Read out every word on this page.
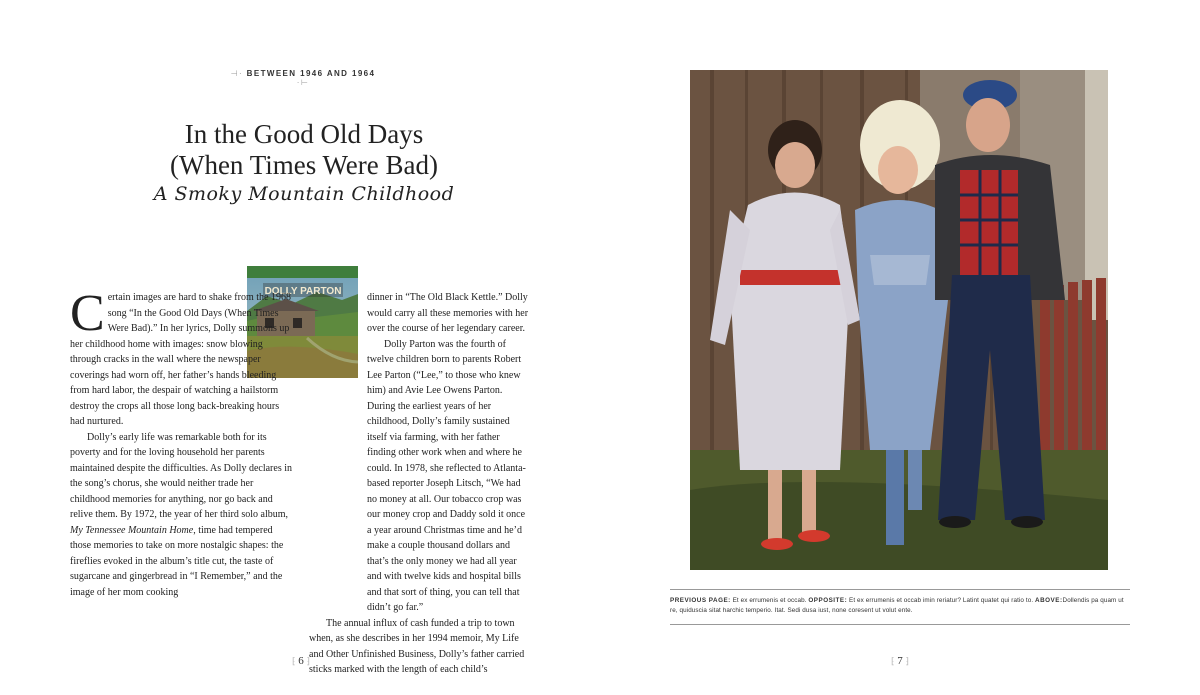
⊣· BETWEEN 1946 AND 1964 ·⊢
In the Good Old Days
(When Times Were Bad)
A Smoky Mountain Childhood
DOLLY PARTON

Certain images are hard to shake from the 1968 song “In the Good Old Days (When Times Were Bad).” In her lyrics, Dolly summons up her childhood home with images: snow blowing through cracks in the wall where the newspaper coverings had worn off, her father’s hands bleeding from hard labor, the despair of watching a hailstorm destroy the crops all those long back-breaking hours had nurtured.

Dolly’s early life was remarkable both for its poverty and for the loving household her parents maintained despite the difficulties. As Dolly declares in the song’s chorus, she would neither trade her childhood memories for anything, nor go back and relive them. By 1972, the year of her third solo album, My Tennessee Mountain Home, time had tempered those memories to take on more nostalgic shapes: the fireflies evoked in the album’s title cut, the taste of sugarcane and gingerbread in “I Remember,” and the image of her mom cooking

dinner in “The Old Black Kettle.” Dolly would carry all these memories with her over the course of her legendary career.

Dolly Parton was the fourth of twelve children born to parents Robert Lee Parton (“Lee,” to those who knew him) and Avie Lee Owens Parton. During the earliest years of her childhood, Dolly’s family sustained itself via farming, with her father finding other work when and where he could. In 1978, she reflected to Atlanta-based reporter Joseph Litsch, “We had no money at all. Our tobacco crop was our money crop and Daddy sold it once a year around Christmas time and he’d make a couple thousand dollars and that’s the only money we had all year and with twelve kids and hospital bills and that sort of thing, you can tell that didn’t go far.”

The annual influx of cash funded a trip to town when, as she describes in her 1994 memoir, My Life and Other Unfinished Business, Dolly’s father carried sticks marked with the length of each child’s

⁅ 6 ⁆
PREVIOUS PAGE: Et ex errumenis et occab. OPPOSITE: Et ex errumenis et occab imin reriatur? Latint quatet qui ratio to. ABOVE:Dollendis pa quam ut re, quiduscia sitat harchic temperio. Itat. Sedi dusa iust, none coresent ut volut ente.
⁅ 7 ⁆
